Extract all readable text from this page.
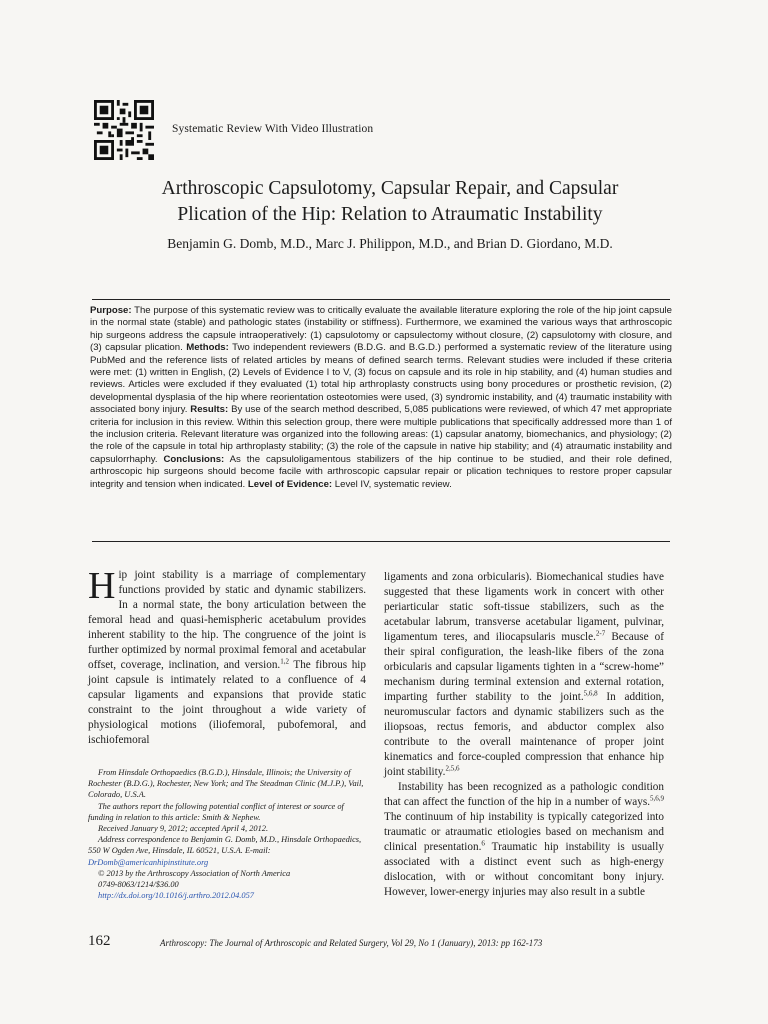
Systematic Review With Video Illustration
Arthroscopic Capsulotomy, Capsular Repair, and Capsular
Plication of the Hip: Relation to Atraumatic Instability
Benjamin G. Domb, M.D., Marc J. Philippon, M.D., and Brian D. Giordano, M.D.

Purpose: The purpose of this systematic review was to critically evaluate the available literature exploring the role of the hip joint capsule in the normal state (stable) and pathologic states (instability or stiffness). Furthermore, we examined the various ways that arthroscopic hip surgeons address the capsule intraoperatively: (1) capsulotomy or capsulectomy without closure, (2) capsulotomy with closure, and (3) capsular plication. Methods: Two independent reviewers (B.D.G. and B.G.D.) performed a systematic review of the literature using PubMed and the reference lists of related articles by means of defined search terms. Relevant studies were included if these criteria were met: (1) written in English, (2) Levels of Evidence I to V, (3) focus on capsule and its role in hip stability, and (4) human studies and reviews. Articles were excluded if they evaluated (1) total hip arthroplasty constructs using bony procedures or prosthetic revision, (2) developmental dysplasia of the hip where reorientation osteotomies were used, (3) syndromic instability, and (4) traumatic instability with associated bony injury. Results: By use of the search method described, 5,085 publications were reviewed, of which 47 met appropriate criteria for inclusion in this review. Within this selection group, there were multiple publications that specifically addressed more than 1 of the inclusion criteria. Relevant literature was organized into the following areas: (1) capsular anatomy, biomechanics, and physiology; (2) the role of the capsule in total hip arthroplasty stability; (3) the role of the capsule in native hip stability; and (4) atraumatic instability and capsulorrhaphy. Conclusions: As the capsuloligamentous stabilizers of the hip continue to be studied, and their role defined, arthroscopic hip surgeons should become facile with arthroscopic capsular repair or plication techniques to restore proper capsular integrity and tension when indicated. Level of Evidence: Level IV, systematic review.

Hip joint stability is a marriage of complementary functions provided by static and dynamic stabilizers. In a normal state, the bony articulation between the femoral head and quasi-hemispheric acetabulum provides inherent stability to the hip. The congruence of the joint is further optimized by normal proximal femoral and acetabular offset, coverage, inclination, and version.$^{1,2}$ The fibrous hip joint capsule is intimately related to a confluence of 4 capsular ligaments and expansions that provide static constraint to the joint throughout a wide variety of physiological motions (iliofemoral, pubofemoral, and ischiofemoral

From Hinsdale Orthopaedics (B.G.D.), Hinsdale, Illinois; the University of Rochester (B.D.G.), Rochester, New York; and The Steadman Clinic (M.J.P.), Vail, Colorado, U.S.A.
The authors report the following potential conflict of interest or source of funding in relation to this article: Smith & Nephew.
Received January 9, 2012; accepted April 4, 2012.
Address correspondence to Benjamin G. Domb, M.D., Hinsdale Orthopaedics, 550 W Ogden Ave, Hinsdale, IL 60521, U.S.A. E-mail: DrDomb@americanhipinstitute.org
© 2013 by the Arthroscopy Association of North America
0749-8063/1214/$36.00
http://dx.doi.org/10.1016/j.arthro.2012.04.057

ligaments and zona orbicularis). Biomechanical studies have suggested that these ligaments work in concert with other periarticular static soft-tissue stabilizers, such as the acetabular labrum, transverse acetabular ligament, pulvinar, ligamentum teres, and iliocapsularis muscle.$^{2-7}$ Because of their spiral configuration, the leash-like fibers of the zona orbicularis and capsular ligaments tighten in a “screw-home” mechanism during terminal extension and external rotation, imparting further stability to the joint.$^{5,6,8}$ In addition, neuromuscular factors and dynamic stabilizers such as the iliopsoas, rectus femoris, and abductor complex also contribute to the overall maintenance of proper joint kinematics and force-coupled compression that enhance hip joint stability.$^{2,5,6}$

Instability has been recognized as a pathologic condition that can affect the function of the hip in a number of ways.$^{5,6,9}$ The continuum of hip instability is typically categorized into traumatic or atraumatic etiologies based on mechanism and clinical presentation.$^6$ Traumatic hip instability is usually associated with a distinct event such as high-energy dislocation, with or without concomitant bony injury. However, lower-energy injuries may also result in a subtle

162	Arthroscopy: The Journal of Arthroscopic and Related Surgery, Vol 29, No 1 (January), 2013: pp 162-173
